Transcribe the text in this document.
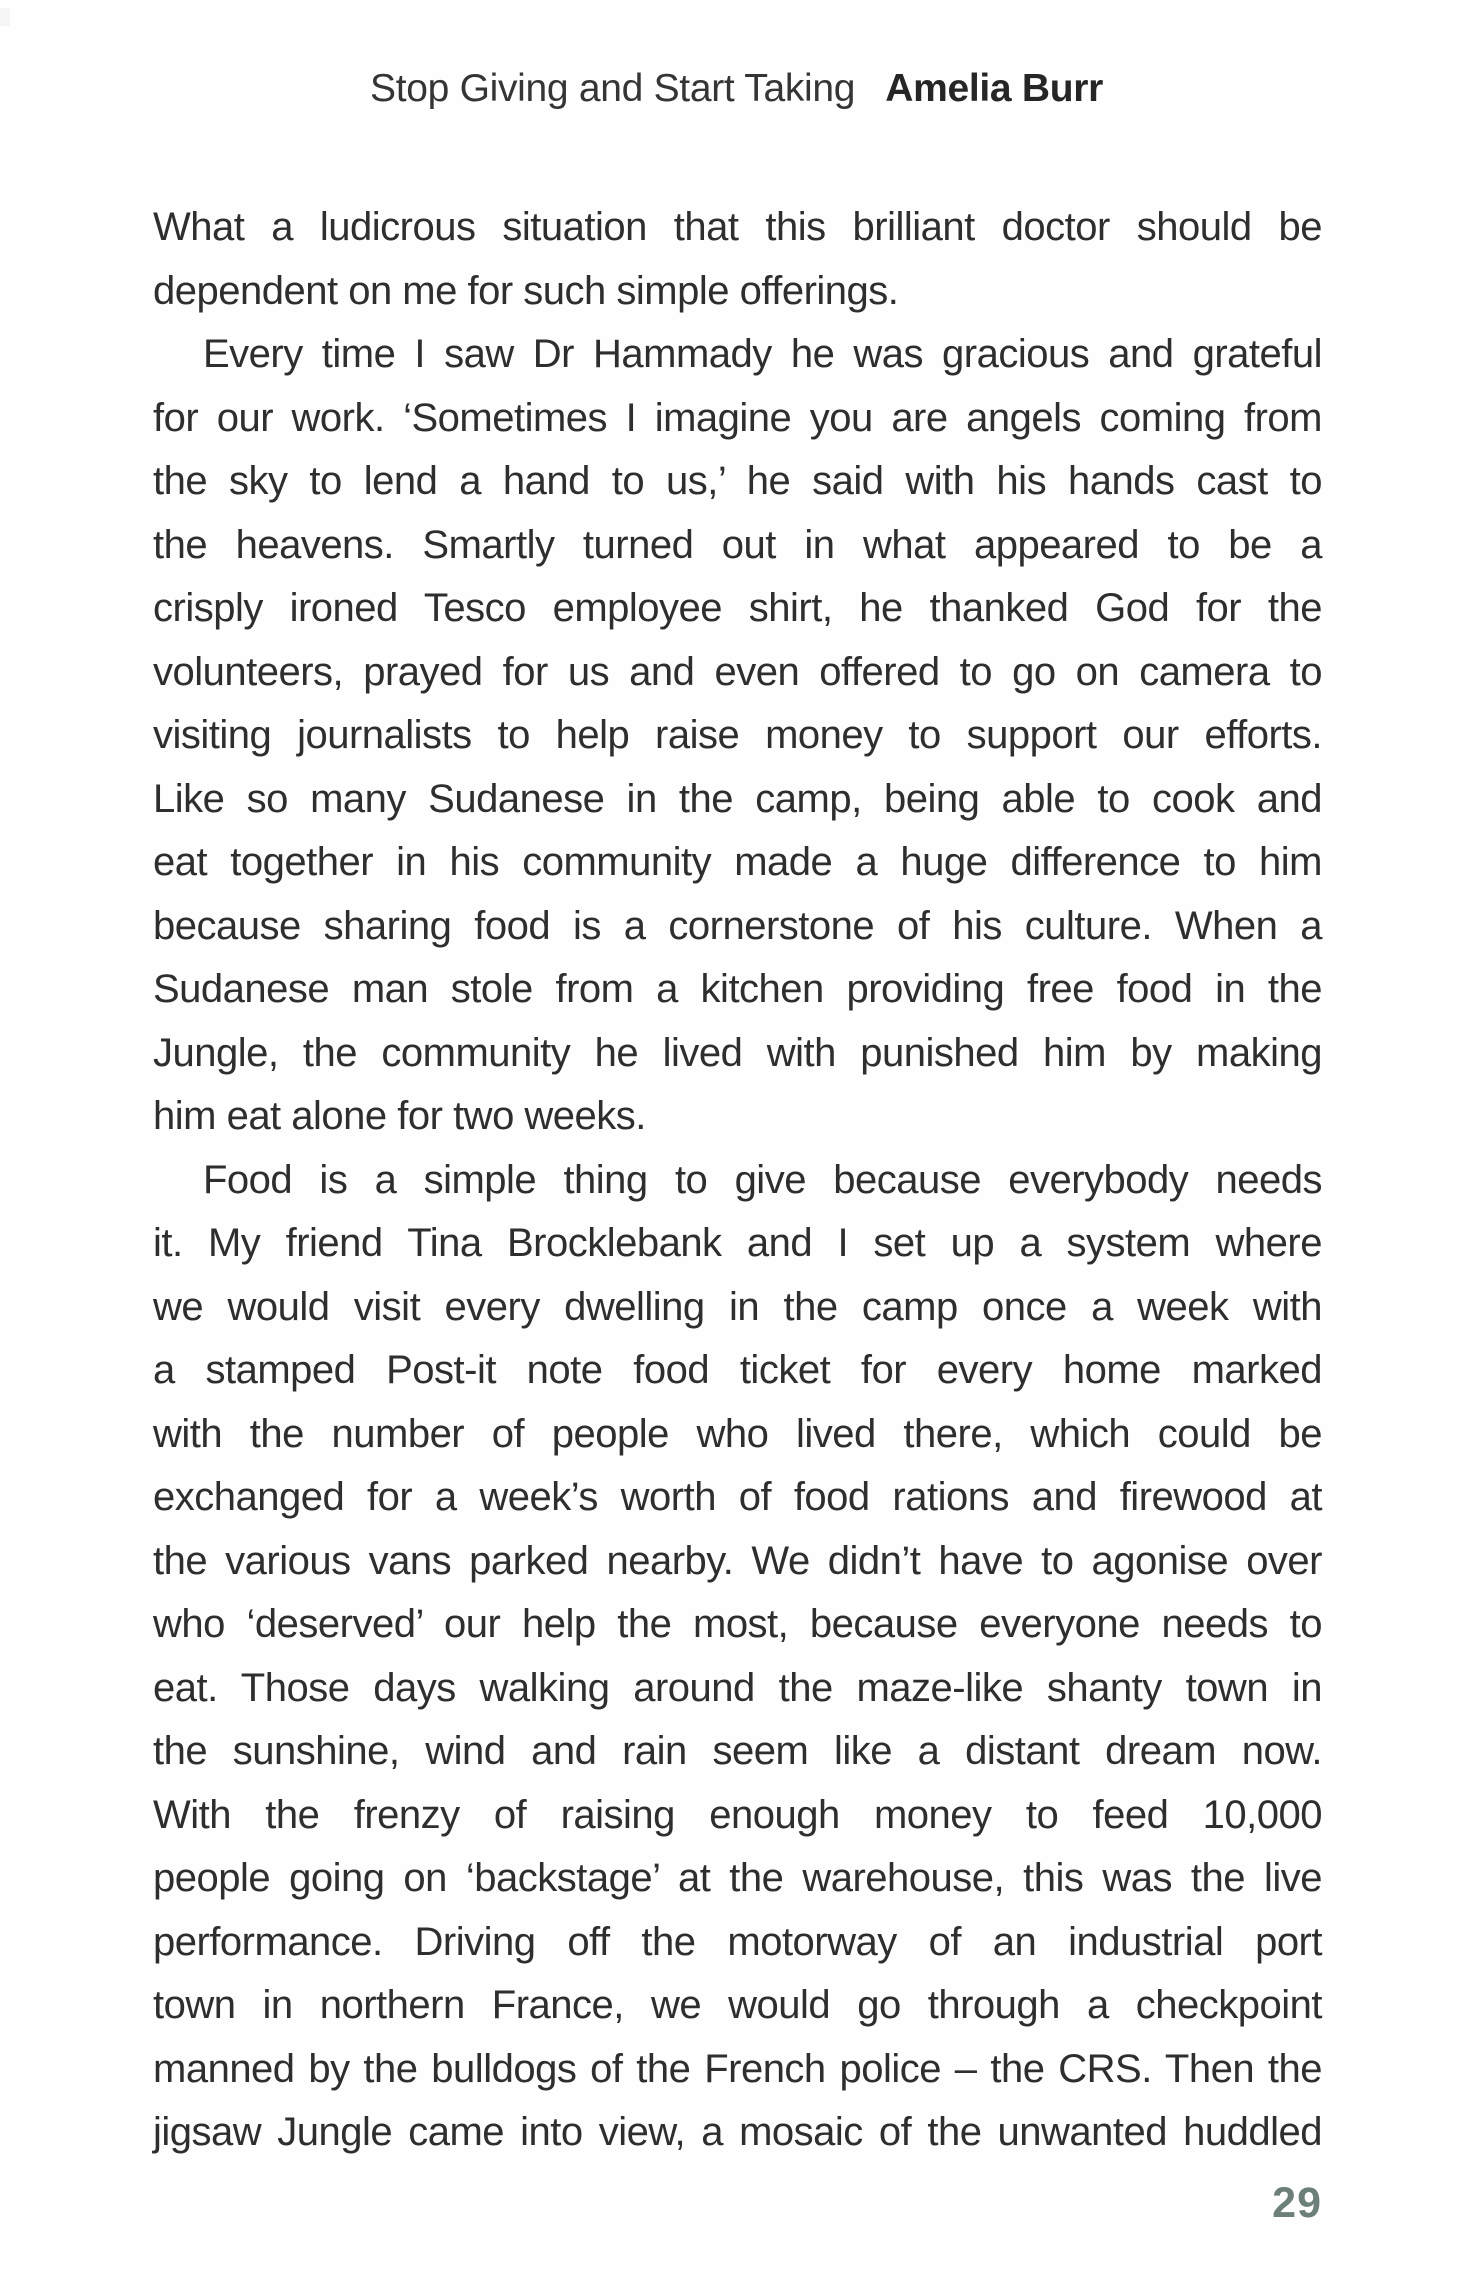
Stop Giving and Start Taking Amelia Burr
What a ludicrous situation that this brilliant doctor should be
dependent on me for such simple offerings.
Every time I saw Dr Hammady he was gracious and grateful
for our work. ‘Sometimes I imagine you are angels coming from
the sky to lend a hand to us,’ he said with his hands cast to
the heavens. Smartly turned out in what appeared to be a
crisply ironed Tesco employee shirt, he thanked God for the
volunteers, prayed for us and even offered to go on camera to
visiting journalists to help raise money to support our efforts.
Like so many Sudanese in the camp, being able to cook and
eat together in his community made a huge difference to him
because sharing food is a cornerstone of his culture. When a
Sudanese man stole from a kitchen providing free food in the
Jungle, the community he lived with punished him by making
him eat alone for two weeks.
Food is a simple thing to give because everybody needs
it. My friend Tina Brocklebank and I set up a system where
we would visit every dwelling in the camp once a week with
a stamped Post-it note food ticket for every home marked
with the number of people who lived there, which could be
exchanged for a week’s worth of food rations and firewood at
the various vans parked nearby. We didn’t have to agonise over
who ‘deserved’ our help the most, because everyone needs to
eat. Those days walking around the maze-like shanty town in
the sunshine, wind and rain seem like a distant dream now.
With the frenzy of raising enough money to feed 10,000
people going on ‘backstage’ at the warehouse, this was the live
performance. Driving off the motorway of an industrial port
town in northern France, we would go through a checkpoint
manned by the bulldogs of the French police – the CRS. Then the
jigsaw Jungle came into view, a mosaic of the unwanted huddled
29
